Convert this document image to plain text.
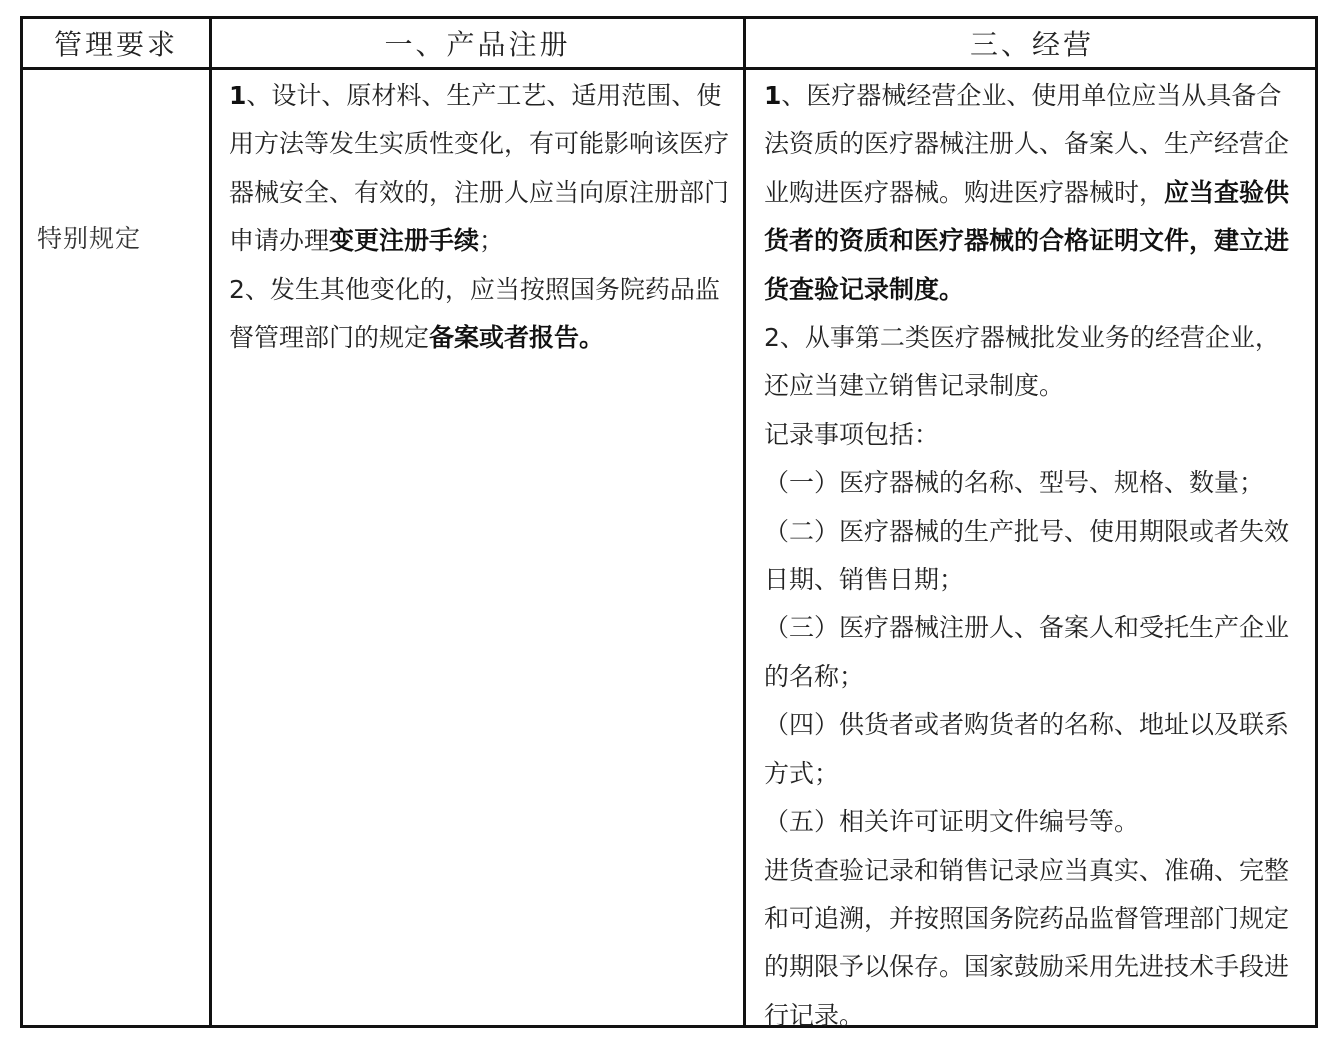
管理要求	一、产品注册	三、经营
特别规定

1、设计、原材料、生产工艺、适用范围、使用方法等发生实质性变化，有可能影响该医疗器械安全、有效的，注册人应当向原注册部门申请办理变更注册手续；

2、发生其他变化的，应当按照国务院药品监督管理部门的规定备案或者报告。

1、医疗器械经营企业、使用单位应当从具备合法资质的医疗器械注册人、备案人、生产经营企业购进医疗器械。购进医疗器械时，应当查验供货者的资质和医疗器械的合格证明文件，建立进货查验记录制度。

2、从事第二类医疗器械批发业务的经营企业，还应当建立销售记录制度。

记录事项包括：

（一）医疗器械的名称、型号、规格、数量；

（二）医疗器械的生产批号、使用期限或者失效日期、销售日期；

（三）医疗器械注册人、备案人和受托生产企业的名称；

（四）供货者或者购货者的名称、地址以及联系方式；

（五）相关许可证明文件编号等。

进货查验记录和销售记录应当真实、准确、完整和可追溯，并按照国务院药品监督管理部门规定的期限予以保存。国家鼓励采用先进技术手段进行记录。
